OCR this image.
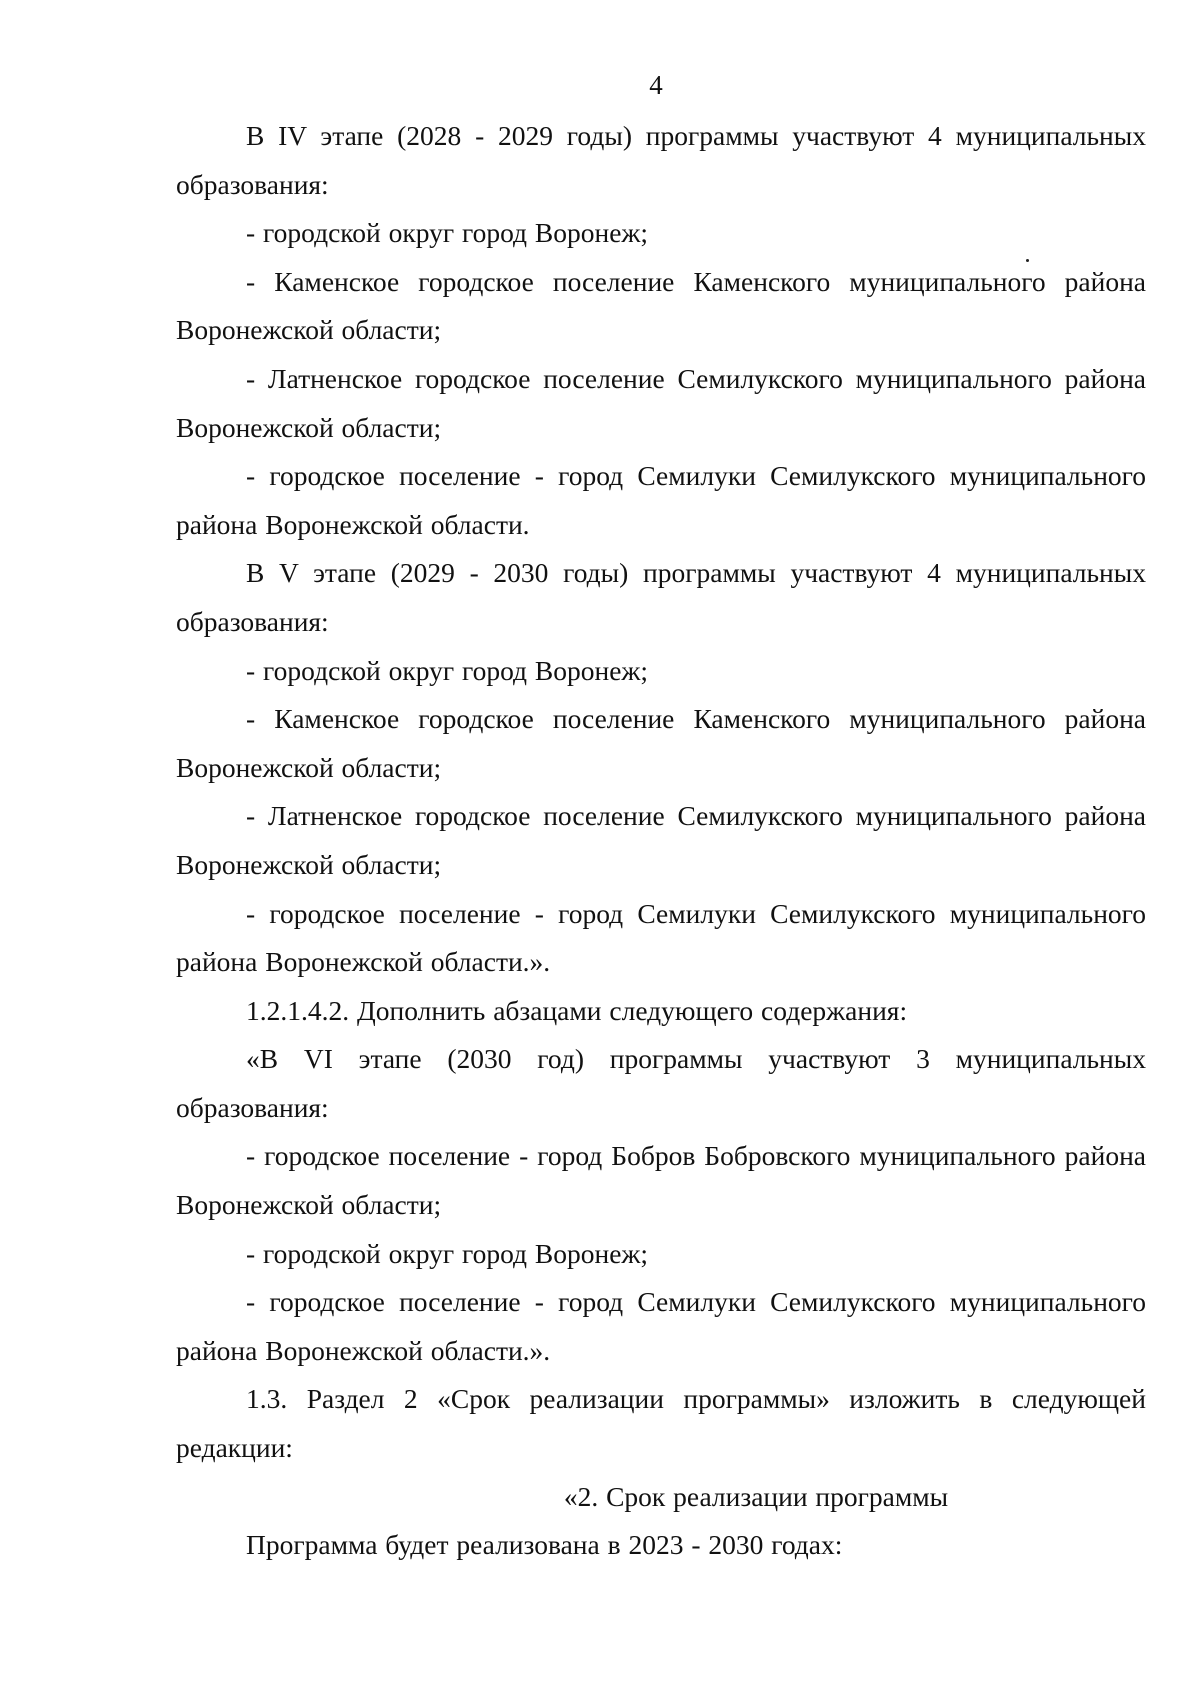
4

В IV этапе (2028 - 2029 годы) программы участвуют 4 муниципальных образования:

- городской округ город Воронеж;

- Каменское городское поселение Каменского муниципального района Воронежской области;

- Латненское городское поселение Семилукского муниципального района Воронежской области;

- городское поселение - город Семилуки Семилукского муниципального района Воронежской области.

В V этапе (2029 - 2030 годы) программы участвуют 4 муниципальных образования:

- городской округ город Воронеж;

- Каменское городское поселение Каменского муниципального района Воронежской области;

- Латненское городское поселение Семилукского муниципального района Воронежской области;

- городское поселение - город Семилуки Семилукского муниципального района Воронежской области.».

1.2.1.4.2. Дополнить абзацами следующего содержания:

«В VI этапе (2030 год) программы участвуют 3 муниципальных образования:

- городское поселение - город Бобров Бобровского муниципального района Воронежской области;

- городской округ город Воронеж;

- городское поселение - город Семилуки Семилукского муниципального района Воронежской области.».

1.3. Раздел 2 «Срок реализации программы» изложить в следующей редакции:

«2. Срок реализации программы

Программа будет реализована в 2023 - 2030 годах:
